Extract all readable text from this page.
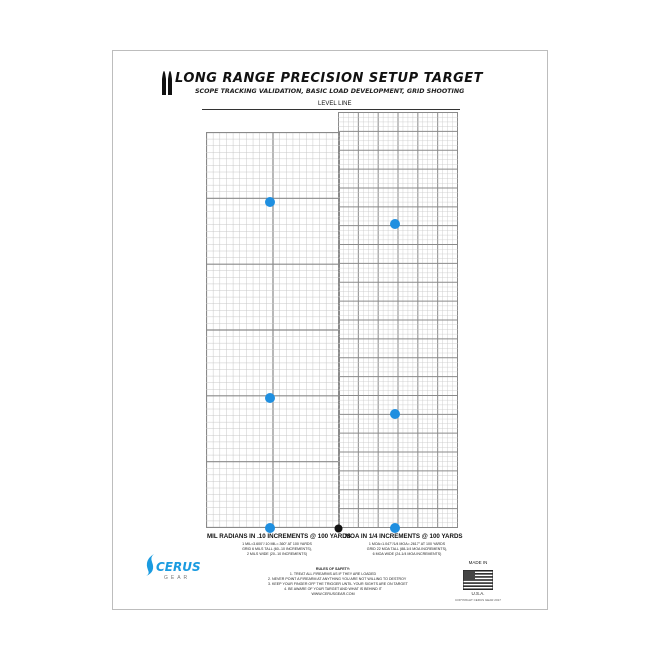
LONG RANGE PRECISION SETUP TARGET
SCOPE TRACKING VALIDATION, BASIC LOAD DEVELOPMENT, GRID SHOOTING
LEVEL LINE
MIL RADIANS IN .10 INCREMENTS @ 100 YARDS
1 MIL=3.600"/.10 MIL=.360" AT 100 YARDS
GRID 6 MILS TALL (60-.10 INCREMENTS),
2 MILS WIDE (20-.10 INCREMENTS)
MOA IN 1/4 INCREMENTS @ 100 YARDS
1 MOA=1.047"/1/4 MOA=.2617" AT 100 YARDS
GRID 22 MOA TALL (88-1/4 MOA INCREMENTS),
6 MOA WIDE (24-1/4 MOA INCREMENTS)
RULES OF SAFETY:
1. TREAT ALL FIREARMS AS IF THEY ARE LOADED
2. NEVER POINT A FIREARM AT ANYTHING YOU ARE NOT WILLING TO DESTROY
3. KEEP YOUR FINGER OFF THE TRIGGER UNTIL YOUR SIGHTS ARE ON TARGET
4. BE AWARE OF YOUR TARGET AND WHAT IS BEHIND IT
WWW.CERUSGEAR.COM
CERUS
GEAR
MADE IN
U.S.A.
COPYRIGHT CERUS GEAR 2017
